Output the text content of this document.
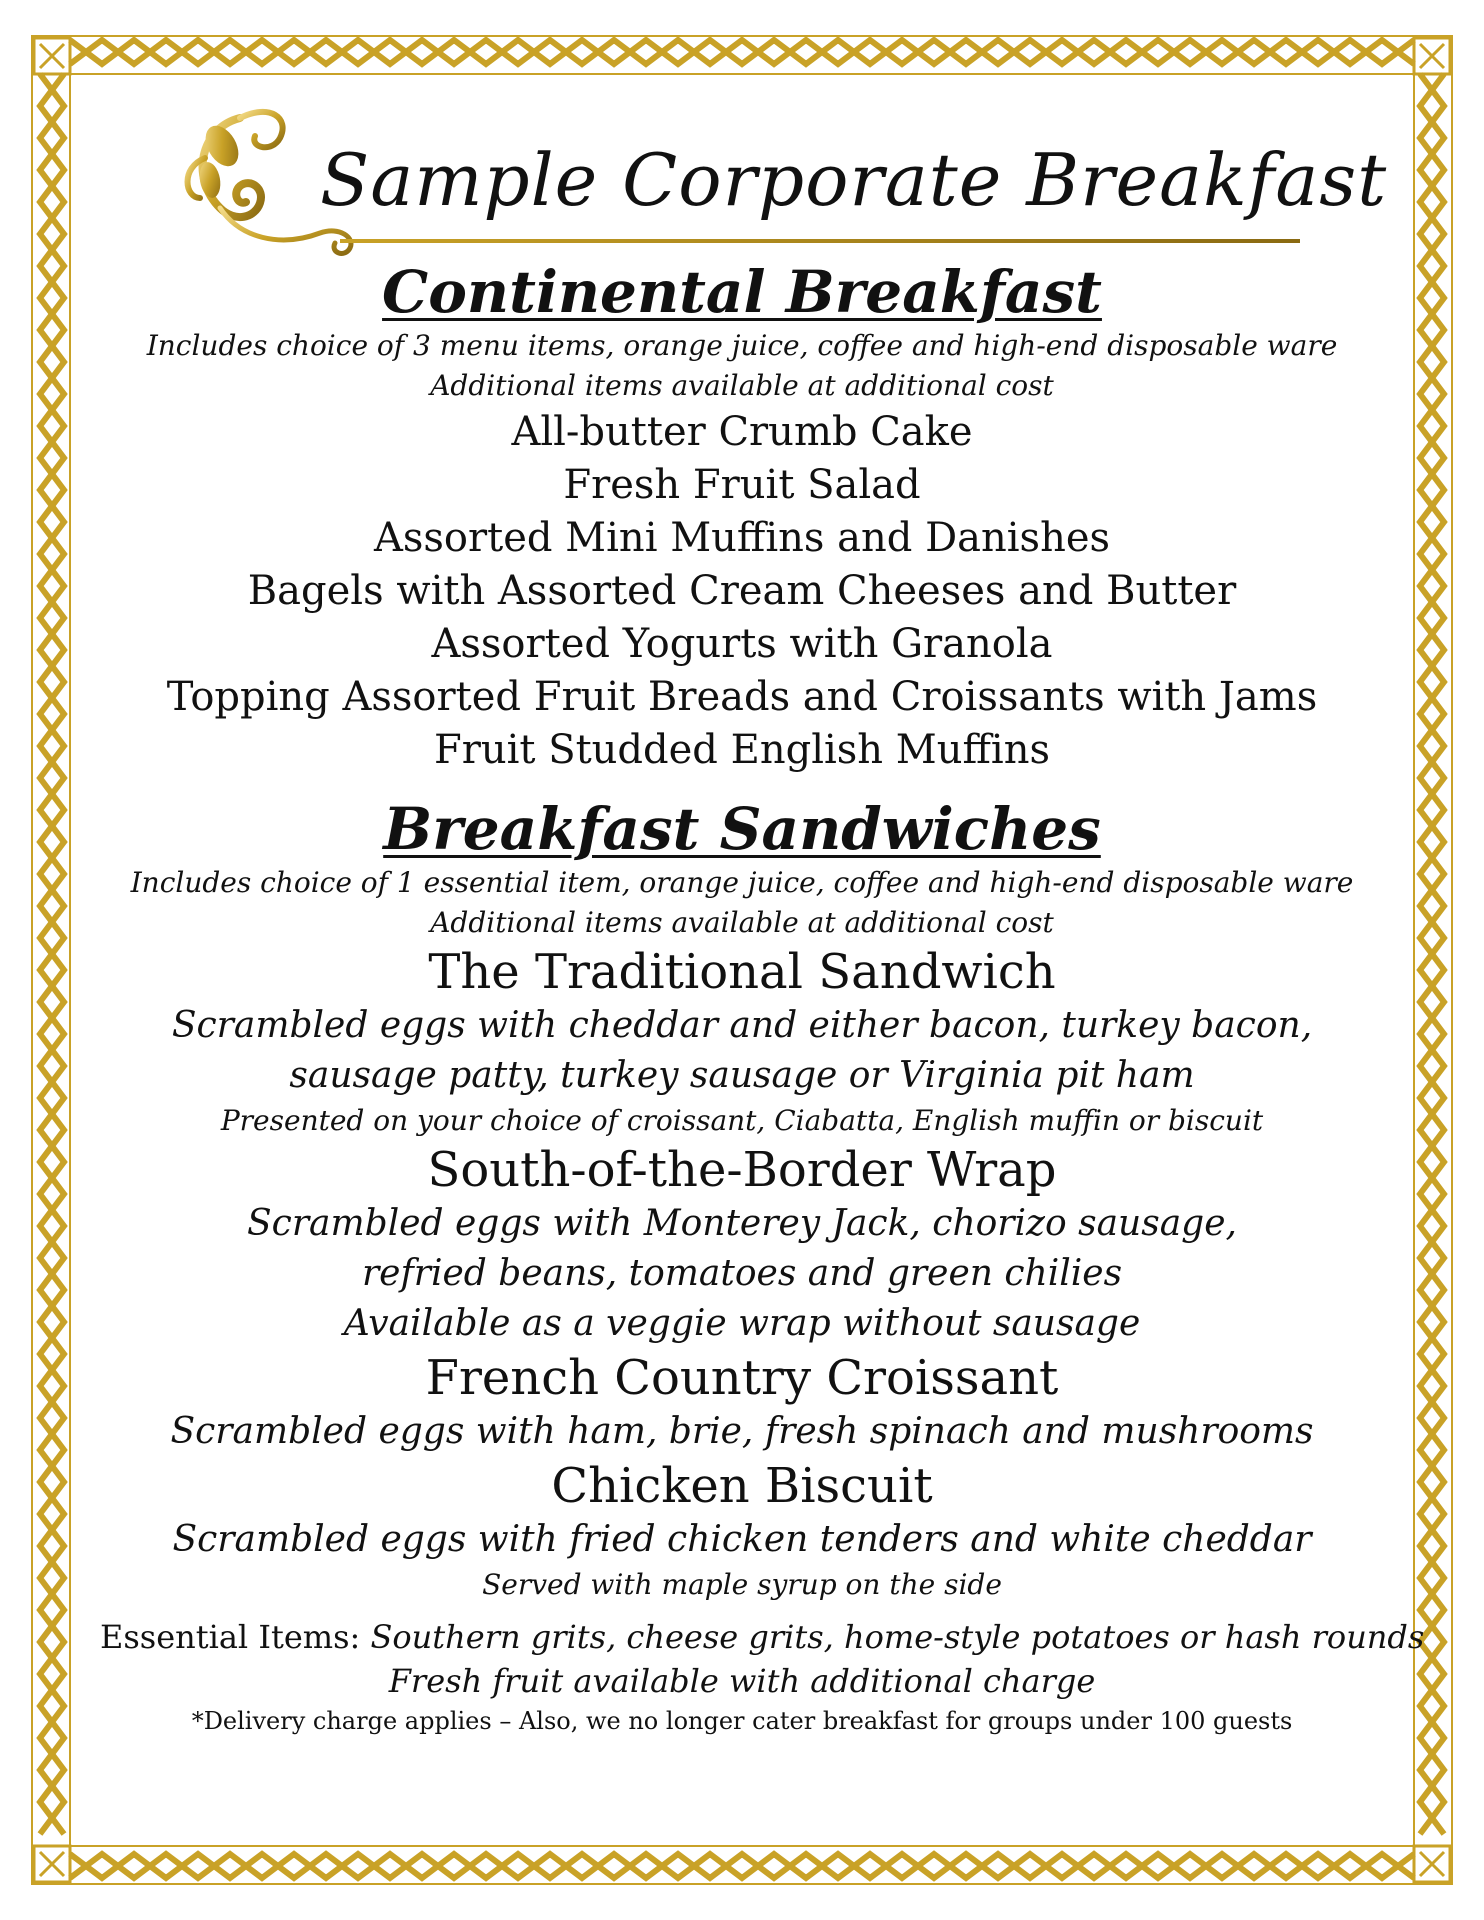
Sample Corporate Breakfast
Continental Breakfast
Includes choice of 3 menu items, orange juice, coffee and high-end disposable ware
Additional items available at additional cost
All-butter Crumb Cake
Fresh Fruit Salad
Assorted Mini Muffins and Danishes
Bagels with Assorted Cream Cheeses and Butter
Assorted Yogurts with Granola
Topping Assorted Fruit Breads and Croissants with Jams
Fruit Studded English Muffins
Breakfast Sandwiches
Includes choice of 1 essential item, orange juice, coffee and high-end disposable ware
Additional items available at additional cost
The Traditional Sandwich
Scrambled eggs with cheddar and either bacon, turkey bacon,
sausage patty, turkey sausage or Virginia pit ham
Presented on your choice of croissant, Ciabatta, English muffin or biscuit
South-of-the-Border Wrap
Scrambled eggs with Monterey Jack, chorizo sausage,
refried beans, tomatoes and green chilies
Available as a veggie wrap without sausage
French Country Croissant
Scrambled eggs with ham, brie, fresh spinach and mushrooms
Chicken Biscuit
Scrambled eggs with fried chicken tenders and white cheddar
Served with maple syrup on the side
Essential Items: Southern grits, cheese grits, home-style potatoes or hash rounds
Fresh fruit available with additional charge
*Delivery charge applies – Also, we no longer cater breakfast for groups under 100 guests
